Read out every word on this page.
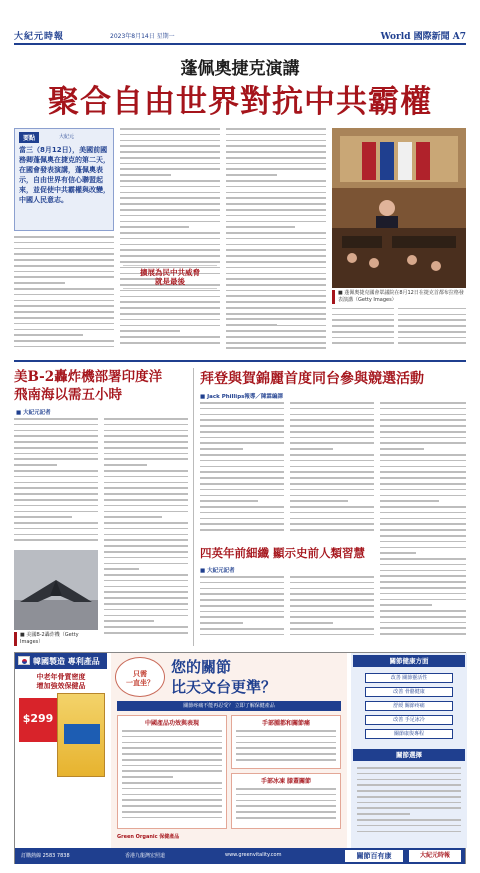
大紀元時報	2023年8月14日 星期一	World 國際新聞 A7
蓬佩奧捷克演講
聚合自由世界對抗中共霸權
要點	大紀元
當三（8月12日），美國前國務卿蓬佩奧在捷克的第二天，在國會發表演講，蓬佩奧表示，自由世界有信心聯盟起來，並促使中共霸權與改變，中國人民意志。
擴展為民中共威脅
就是最後
■ 蓬佩奧捷克國會眾議院在8月12日在捷克首都布拉格發表演講（Getty Images）
美B-2轟炸機部署印度洋
飛南海以需五小時
■ 大紀元記者
■ 美國B-2轟炸機（Getty Images）
拜登與賀錦麗首度同台參與競選活動
■ Jack Phillips報導／陳霖編譯
四英年前細纖 顯示史前人類習慧
■ 大紀元記者
韓國製造 專利產品
中老年骨質密度
增加強效保健品
$299
只需
一直坐？
您的關節
比天文台更準？
關節疼痛不能再忍受？ 立即了解保健產品
中國產品功效與表現	手部腫都和關節痛
手部冰凍 膝蓋關節
Green Organic 保健產品
關節健康方面
改善 關節靈活性
改善 骨骼健康
舒緩 關節疼痛
改善 手足冰冷
關節康復專程
關節選擇
訂購熱線 2583 7838	香港九龍灣宏照道	www.greenvitality.com	關節百有康	大紀元時報
